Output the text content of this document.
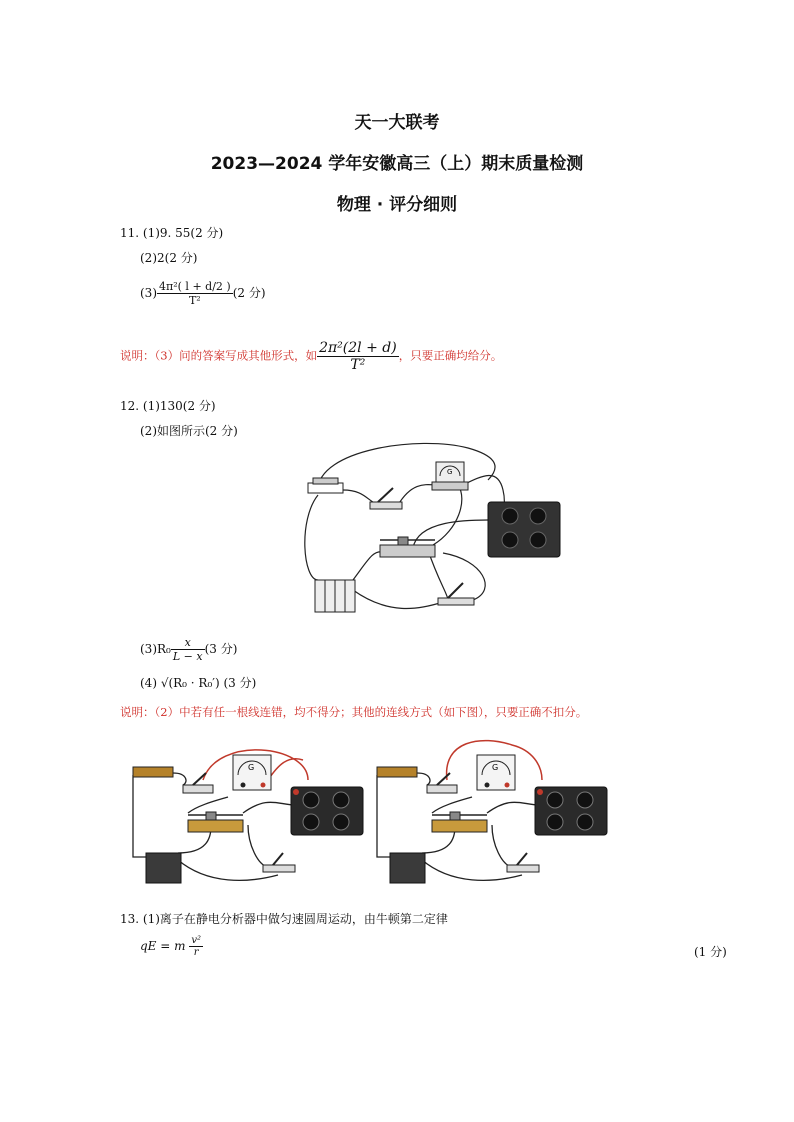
天一大联考
2023—2024 学年安徽高三（上）期末质量检测
物理 · 评分细则
11. (1)9. 55(2 分)
(2)2(2 分)
$(3) \frac{\text{4π²( l + d/2 )}}{\text{T²}} (2$ 分)
说明：（3）问的答案写成其他形式，如 $\frac{\text{2π²(2l + d)}}{\text{T²}}$ ，只要正确均给分。
12. (1)130(2 分)
(2)如图所示(2 分)
G
$(3)R_0 \frac{x}{L - x} (3$ 分)
(4) √(R₀ · R₀′) (3 分)
说明：（2）中若有任一根线连错，均不得分；其他的连线方式（如下图），只要正确不扣分。
G	G
13. (1)离子在静电分析器中做匀速圆周运动，由牛顿第二定律
qE = m $\frac{\text{v²}}{r}$	(1 分)
